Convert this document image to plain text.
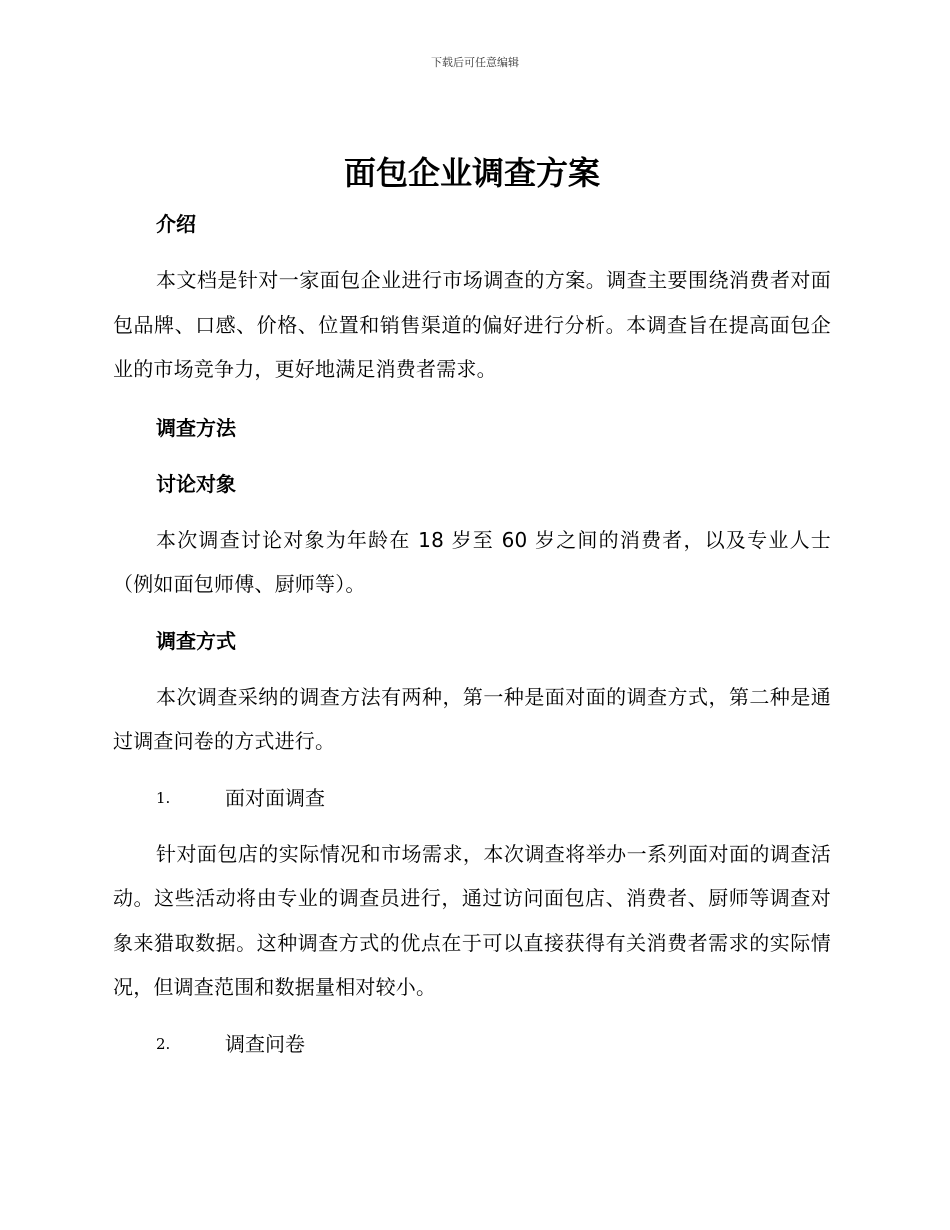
下载后可任意编辑
面包企业调查方案
介绍

本文档是针对一家面包企业进行市场调查的方案。调查主要围绕消费者对面包品牌、口感、价格、位置和销售渠道的偏好进行分析。本调查旨在提高面包企业的市场竞争力，更好地满足消费者需求。

调查方法
讨论对象

本次调查讨论对象为年龄在 18 岁至 60 岁之间的消费者，以及专业人士（例如面包师傅、厨师等）。

调查方式

本次调查采纳的调查方法有两种，第一种是面对面的调查方式，第二种是通过调查问卷的方式进行。

1.	面对面调查

针对面包店的实际情况和市场需求，本次调查将举办一系列面对面的调查活动。这些活动将由专业的调查员进行，通过访问面包店、消费者、厨师等调查对象来猎取数据。这种调查方式的优点在于可以直接获得有关消费者需求的实际情况，但调查范围和数据量相对较小。

2.	调查问卷
